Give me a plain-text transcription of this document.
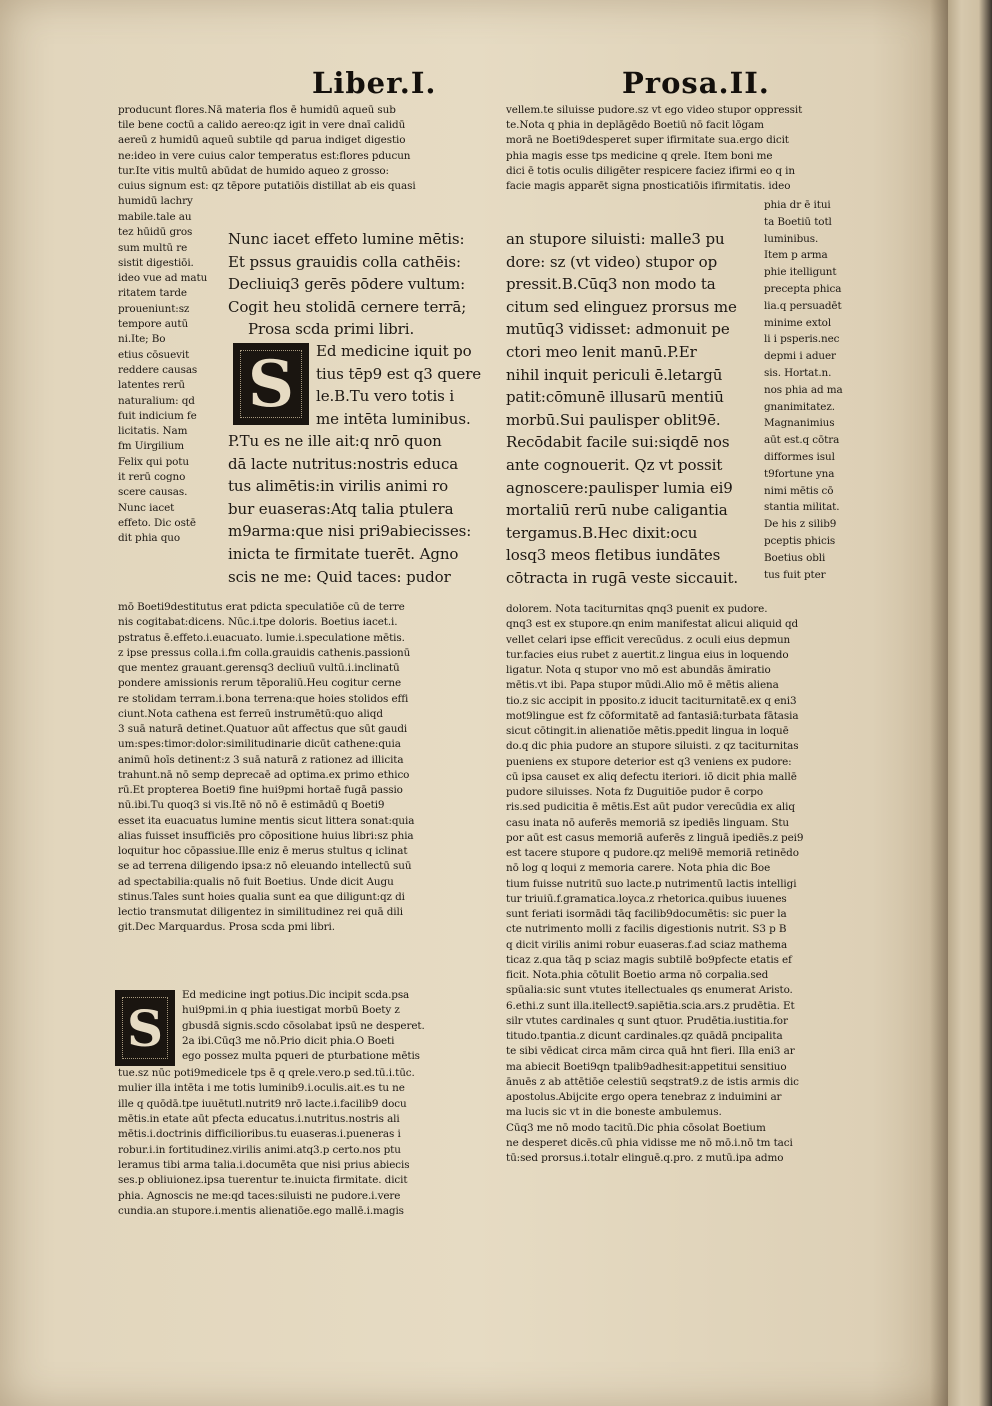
Liber.I.	Prosa.II.
producunt flores.Nā materia flos ē humidū aqueū sub
tile bene coctū a calido aereo:qz igit in vere dnaī calidū
aereū z humidū aqueū subtile qd parua indiget digestio
ne:ideo in vere cuius calor temperatus est:flores pducun
tur.Ite vitis multū abūdat de humido aqueo z grosso:
cuius signum est: qz tēpore putatiōis distillat ab eis quasi
humidū lachry
mabile.tale au
tez hūidū gros
sum multū re
sistit digestiōi.
ideo vue ad matu
ritatem tarde
proueniunt:sz
tempore autū
ni.Ite; Bo
etius cōsuevit
reddere causas
latentes rerū
naturalium: qd
fuit indicium fe
licitatis. Nam
fm Uirgilium
Felix qui potu
it rerū cogno
scere causas.
Nunc iacet
effeto. Dic ostē
dit phia quo
Nunc iacet effeto lumine mētis:
Et pssus grauidis colla cathēis:
Decliuiq3 gerēs pōdere vultum:
Cogit heu stolidā cernere terrā;
Prosa scda primi libri.
S	Ed medicine iquit po
tius tēp9 est q3 quere
le.B.Tu vero totis i
me intēta luminibus.
P.Tu es ne ille ait:q nrō quon
dā lacte nutritus:nostris educa
tus alimētis:in virilis animi ro
bur euaseras:Atq talia ptulera
m9arma:que nisi pri9abiecisses:
inicta te firmitate tuerēt. Agno
scis ne me: Quid taces: pudor
mō Boeti9destitutus erat pdicta speculatiōe cū de terre
nis cogitabat:dicens. Nūc.i.tpe doloris. Boetius iacet.i.
pstratus ē.effeto.i.euacuato. lumie.i.speculatione mētis.
z ipse pressus colla.i.fm colla.grauidis cathenis.passionū
que mentez grauant.gerensq3 decliuū vultū.i.inclinatū
pondere amissionis rerum tēporaliū.Heu cogitur cerne
re stolidam terram.i.bona terrena:que hoies stolidos effi
ciunt.Nota cathena est ferreū instrumētū:quo aliqd
3 suā naturā detinet.Quatuor aūt affectus que sūt gaudi
um:spes:timor:dolor:similitudinarie dicūt cathene:quia
animū hoīs detinent:z 3 suā naturā z rationez ad illicita
trahunt.nā nō semp deprecaē ad optima.ex primo ethico
rū.Et propterea Boeti9 fine hui9pmi hortaē fugā passio
nū.ibi.Tu quoq3 si vis.Itē nō nō ē estimādū q Boeti9
esset ita euacuatus lumine mentis sicut littera sonat:quia
alias fuisset insufficiēs pro cōpositione huius libri:sz phia
loquitur hoc cōpassiue.Ille eniz ē merus stultus q iclinat
se ad terrena diligendo ipsa:z nō eleuando intellectū suū
ad spectabilia:qualis nō fuit Boetius. Unde dicit Augu
stinus.Tales sunt hoies qualia sunt ea que diligunt:qz di
lectio transmutat diligentez in similitudinez rei quā dili
git.Dec Marquardus. Prosa scda pmi libri.
S
Ed medicine ingt potius.Dic incipit scda.psa
hui9pmi.in q phia iuestigat morbū Boety z
gbusdā signis.scdo cōsolabat ipsū ne desperet.
2a ibi.Cūq3 me nō.Prio dicit phia.O Boeti
ego possez multa pqueri de pturbatione mētis
tue.sz nūc poti9medicele tps ē q qrele.vero.p sed.tū.i.tūc.
mulier illa intēta i me totis luminib9.i.oculis.ait.es tu ne
ille q quōdā.tpe iuuētutl.nutrit9 nrō lacte.i.facilib9 docu
mētis.in etate aūt pfecta educatus.i.nutritus.nostris ali
mētis.i.doctrinis difficilioribus.tu euaseras.i.pueneras i
robur.i.in fortitudinez.virilis animi.atq3.p certo.nos ptu
leramus tibi arma talia.i.documēta que nisi prius abiecis
ses.p obliuionez.ipsa tuerentur te.inuicta firmitate. dicit
phia. Agnoscis ne me:qd taces:siluisti ne pudore.i.vere
cundia.an stupore.i.mentis alienatiōe.ego mallē.i.magis
vellem.te siluisse pudore.sz vt ego video stupor oppressit
te.Nota q phia in deplāgēdo Boetiū nō facit lōgam
morā ne Boeti9desperet super ifirmitate sua.ergo dicit
phia magis esse tps medicine q qrele. Item boni me
dici ē totis oculis diligēter respicere faciez ifirmi eo q in
facie magis apparēt signa pnosticatiōis ifirmitatis. ideo
an stupore siluisti: malle3 pu
dore: sz (vt video) stupor op
pressit.B.Cūq3 non modo ta
citum sed elinguez prorsus me
mutūq3 vidisset: admonuit pe
ctori meo lenit manū.P.Er
nihil inquit periculi ē.letargū
patit:cōmunē illusarū mentiū
morbū.Sui paulisper oblit9ē.
Recōdabit facile sui:siqdē nos
ante cognouerit. Qz vt possit
agnoscere:paulisper lumia ei9
mortaliū rerū nube caligantia
tergamus.B.Hec dixit:ocu
losq3 meos fletibus iundātes
cōtracta in rugā veste siccauit.
phia dr ē itui
ta Boetiū totl
luminibus.
Item p arma
phie itelligunt
precepta phica
lia.q persuadēt
minime extol
li i psperis.nec
depmi i aduer
sis. Hortat.n.
nos phia ad ma
gnanimitatez.
Magnanimius
aūt est.q cōtra
difformes isul
t9fortune yna
nimi mētis cō
stantia militat.
De his z silib9
pceptis phicis
Boetius obli
tus fuit pter
dolorem. Nota taciturnitas qnq3 puenit ex pudore.
qnq3 est ex stupore.qn enim manifestat alicui aliquid qd
vellet celari ipse efficit verecūdus. z oculi eius depmun
tur.facies eius rubet z auertit.z lingua eius in loquendo
ligatur. Nota q stupor vno mō est abundās āmiratio
mētis.vt ibi. Papa stupor mūdi.Alio mō ē mētis aliena
tio.z sic accipit in pposito.z iducit taciturnitatē.ex q eni3
mot9lingue est fz cōformitatē ad fantasiā:turbata fātasia
sicut cōtingit.in alienatiōe mētis.ppedit lingua in loquē
do.q dic phia pudore an stupore siluisti. z qz taciturnitas
pueniens ex stupore deterior est q3 veniens ex pudore:
cū ipsa causet ex aliq defectu iteriori. iō dicit phia mallē
pudore siluisses. Nota fz Duguitiōe pudor ē corpo
ris.sed pudicitia ē mētis.Est aūt pudor verecūdia ex aliq
casu inata nō auferēs memoriā sz ipediēs linguam. Stu
por aūt est casus memoriā auferēs z linguā ipediēs.z pei9
est tacere stupore q pudore.qz meli9ē memoriā retinēdo
nō log q loqui z memoria carere. Nota phia dic Boe
tium fuisse nutritū suo lacte.p nutrimentū lactis intelligi
tur triuiū.f.gramatica.loyca.z rhetorica.quibus iuuenes
sunt feriati isormādi tāq facilib9documētis: sic puer la
cte nutrimento molli z facilis digestionis nutrit. S3 p B
q dicit virilis animi robur euaseras.f.ad sciaz mathema
ticaz z.qua tāq p sciaz magis subtilē bo9pfecte etatis ef
ficit. Nota.phia cōtulit Boetio arma nō corpalia.sed
spūalia:sic sunt vtutes itellectuales qs enumerat Aristo.
6.ethi.z sunt illa.itellect9.sapiētia.scia.ars.z prudētia. Et
silr vtutes cardinales q sunt qtuor. Prudētia.iustitia.for
titudo.tpantia.z dicunt cardinales.qz quādā pncipalita
te sibi vēdicat circa mām circa quā hnt fieri. Illa eni3 ar
ma abiecit Boeti9qn tpalib9adhesit:appetitui sensitiuo
ānuēs z ab attētiōe celestiū seqstrat9.z de istis armis dic
apostolus.Abijcite ergo opera tenebraz z induimini ar
ma lucis sic vt in die boneste ambulemus.
Cūq3 me nō modo tacitū.Dic phia cōsolat Boetium
ne desperet dicēs.cū phia vidisse me nō mō.i.nō tm taci
tū:sed prorsus.i.totalr elinguē.q.pro. z mutū.ipa admo
